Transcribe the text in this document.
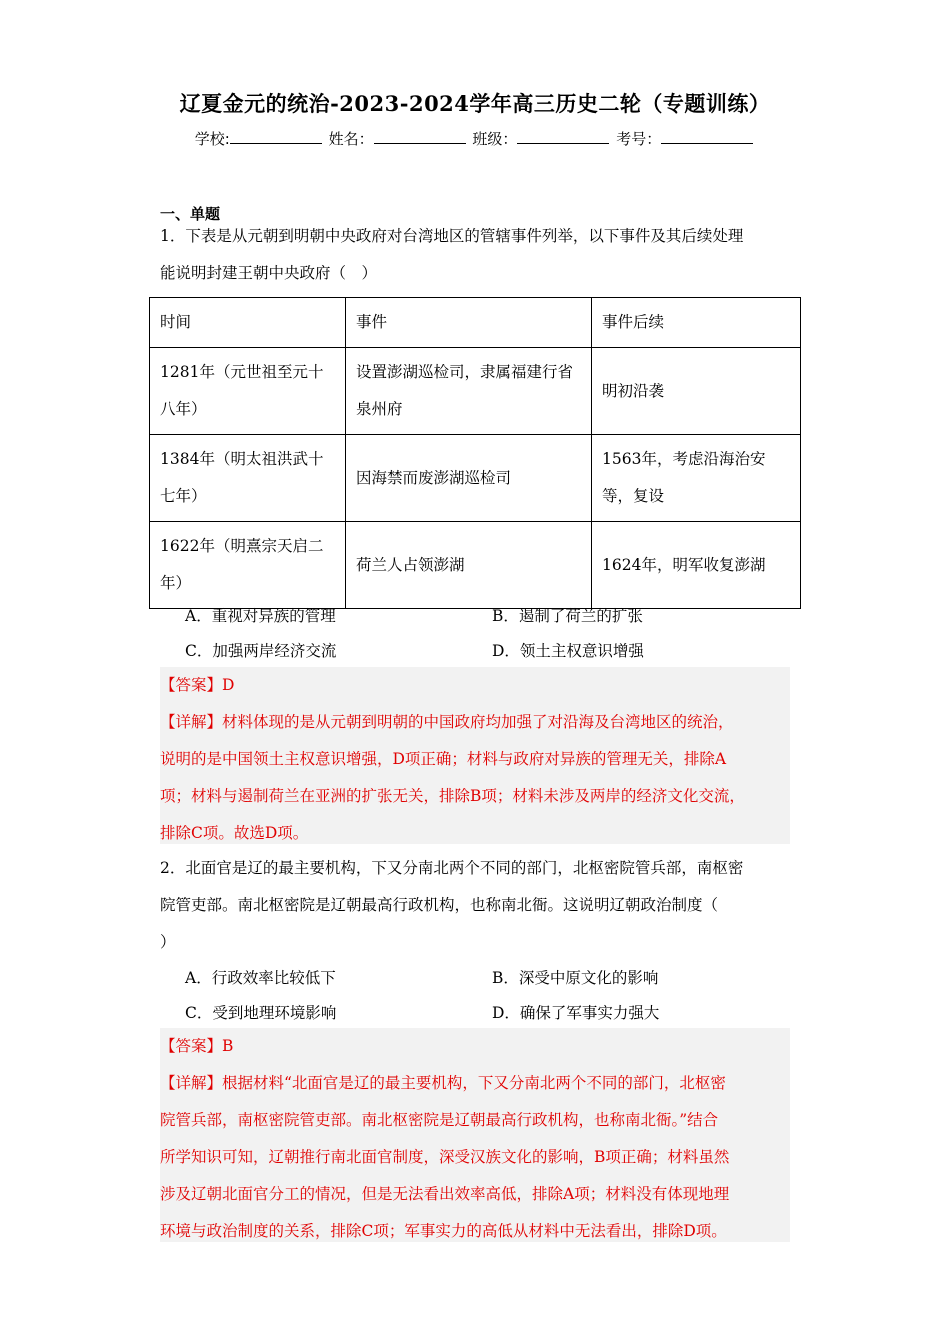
辽夏金元的统治-2023-2024学年高三历史二轮（专题训练）
学校:	姓名：	班级：	考号：
一、单题
1．下表是从元朝到明朝中央政府对台湾地区的管辖事件列举，以下事件及其后续处理
能说明封建王朝中央政府（　）
时间	事件	事件后续
1281年（元世祖至元十八年）	设置澎湖巡检司，隶属福建行省泉州府	明初沿袭
1384年（明太祖洪武十七年）	因海禁而废澎湖巡检司	1563年，考虑沿海治安等，复设
1622年（明熹宗天启二年）	荷兰人占领澎湖	1624年，明军收复澎湖
A．重视对异族的管理	B．遏制了荷兰的扩张
C．加强两岸经济交流	D．领土主权意识增强
【答案】D
【详解】材料体现的是从元朝到明朝的中国政府均加强了对沿海及台湾地区的统治，
说明的是中国领土主权意识增强，D项正确；材料与政府对异族的管理无关，排除A
项；材料与遏制荷兰在亚洲的扩张无关，排除B项；材料未涉及两岸的经济文化交流，
排除C项。故选D项。
2．北面官是辽的最主要机构，下又分南北两个不同的部门，北枢密院管兵部，南枢密
院管吏部。南北枢密院是辽朝最高行政机构，也称南北衙。这说明辽朝政治制度（
）
A．行政效率比较低下	B．深受中原文化的影响
C．受到地理环境影响	D．确保了军事实力强大
【答案】B
【详解】根据材料“北面官是辽的最主要机构，下又分南北两个不同的部门，北枢密
院管兵部，南枢密院管吏部。南北枢密院是辽朝最高行政机构，也称南北衙。”结合
所学知识可知，辽朝推行南北面官制度，深受汉族文化的影响，B项正确；材料虽然
涉及辽朝北面官分工的情况，但是无法看出效率高低，排除A项；材料没有体现地理
环境与政治制度的关系，排除C项；军事实力的高低从材料中无法看出，排除D项。
